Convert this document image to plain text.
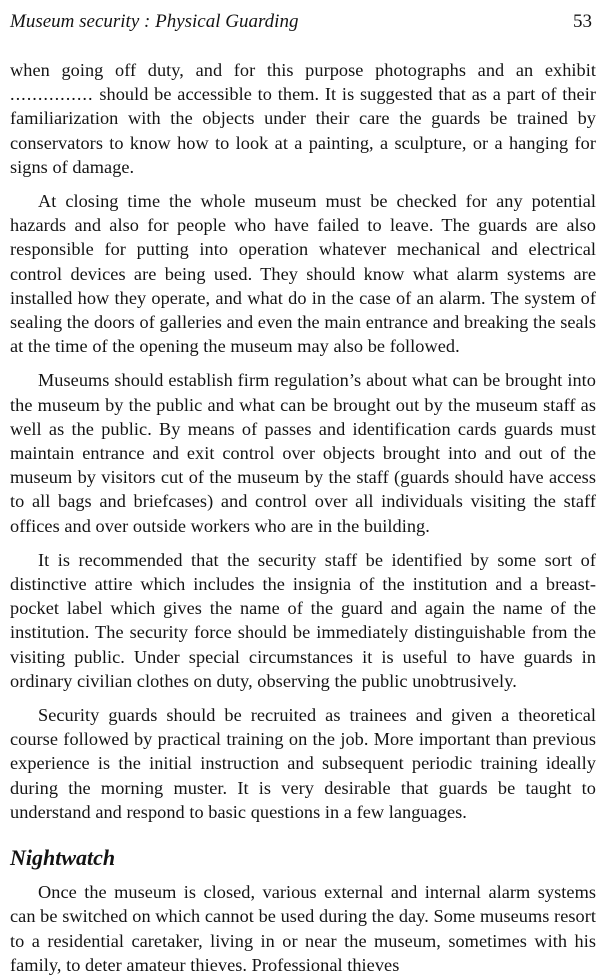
Museum security : Physical Guarding	53

when going off duty, and for this purpose photographs and an exhibit ............... should be accessible to them. It is suggested that as a part of their familiarization with the objects under their care the guards be trained by conservators to know how to look at a painting, a sculpture, or a hanging for signs of damage.

At closing time the whole museum must be checked for any potential hazards and also for people who have failed to leave. The guards are also responsible for putting into operation whatever mechanical and electrical control devices are being used. They should know what alarm systems are installed how they operate, and what do in the case of an alarm. The system of sealing the doors of galleries and even the main entrance and breaking the seals at the time of the opening the museum may also be followed.

Museums should establish firm regulation’s about what can be brought into the museum by the public and what can be brought out by the museum staff as well as the public. By means of passes and identification cards guards must maintain entrance and exit control over objects brought into and out of the museum by visitors cut of the museum by the staff (guards should have access to all bags and briefcases) and control over all individuals visiting the staff offices and over outside workers who are in the building.

It is recommended that the security staff be identified by some sort of distinctive attire which includes the insignia of the institution and a breast-pocket label which gives the name of the guard and again the name of the institution. The security force should be immediately distinguishable from the visiting public. Under special circumstances it is useful to have guards in ordinary civilian clothes on duty, observing the public unobtrusively.

Security guards should be recruited as trainees and given a theoretical course followed by practical training on the job. More important than previous experience is the initial instruction and subsequent periodic training ideally during the morning muster. It is very desirable that guards be taught to understand and respond to basic questions in a few languages.

Nightwatch

Once the museum is closed, various external and internal alarm systems can be switched on which cannot be used during the day. Some museums resort to a residential caretaker, living in or near the museum, sometimes with his family, to deter amateur thieves. Professional thieves
